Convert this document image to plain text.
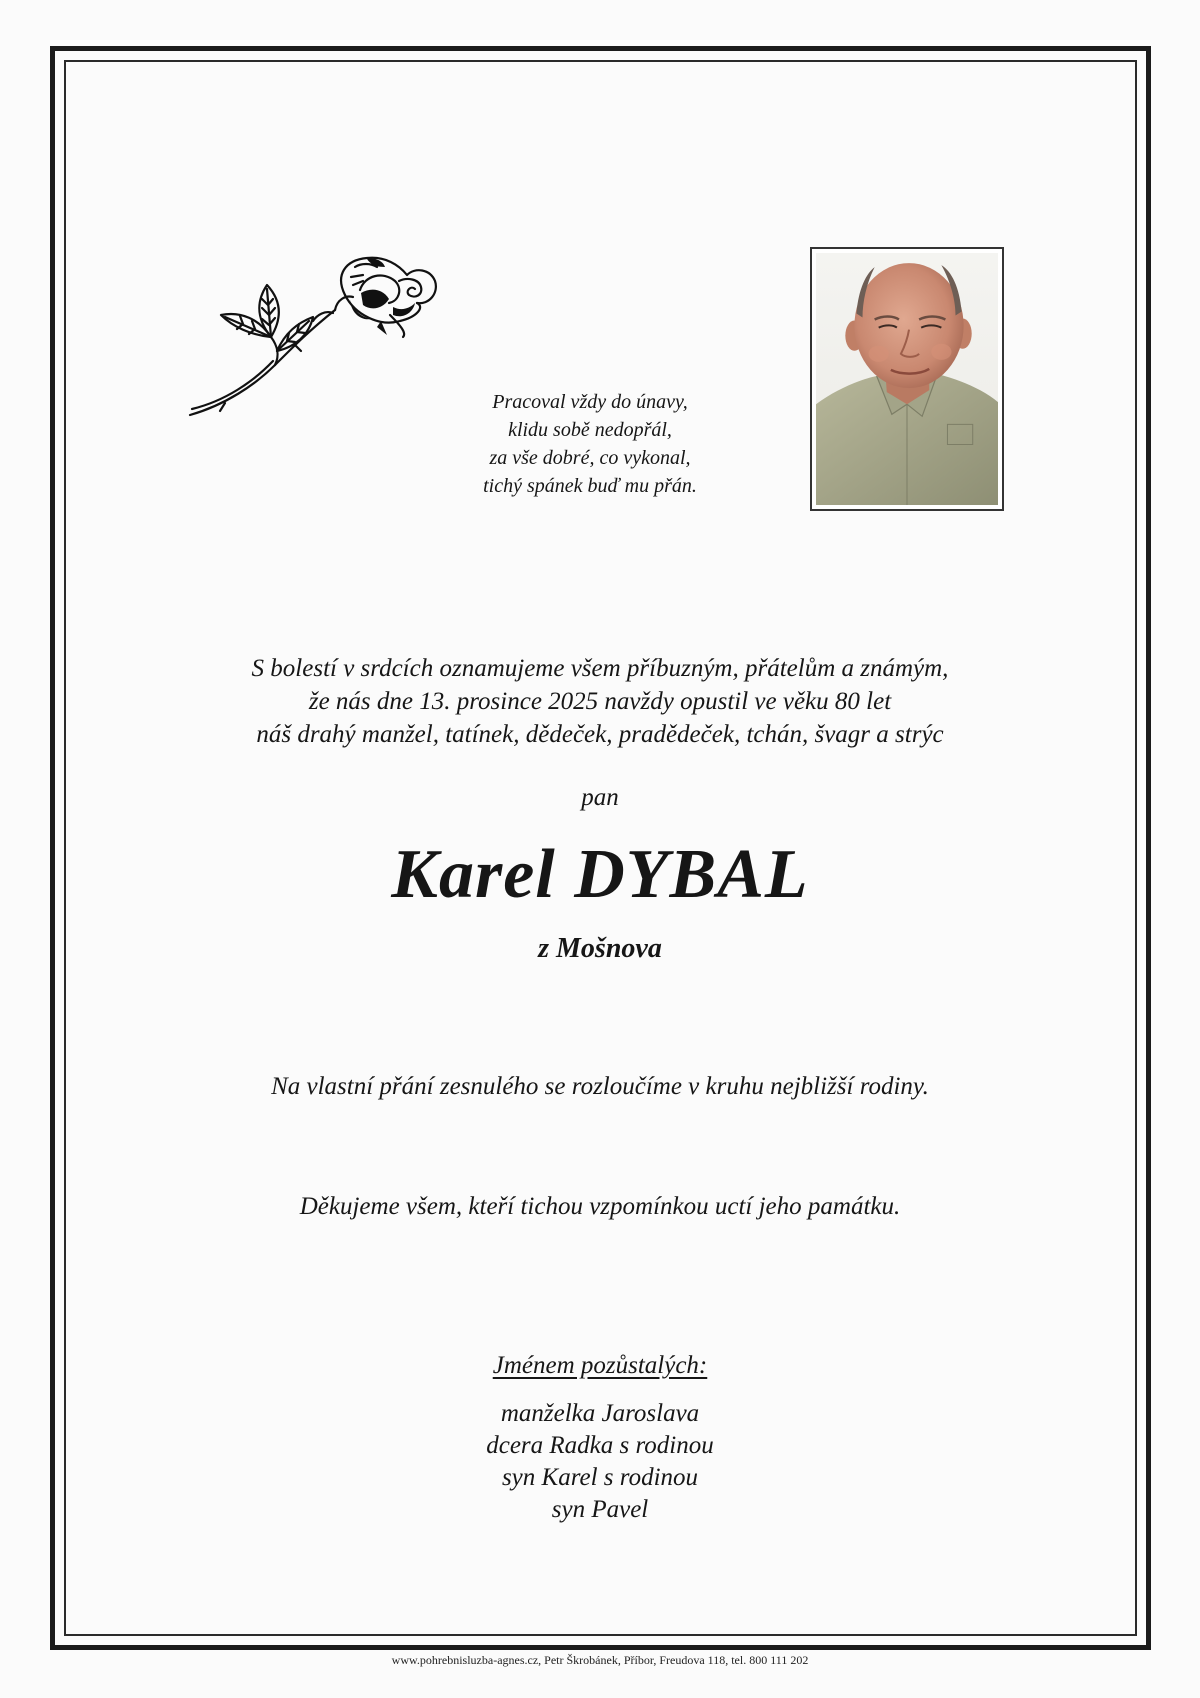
Pracoval vždy do únavy,
klidu sobě nedopřál,
za vše dobré, co vykonal,
tichý spánek buď mu přán.
S bolestí v srdcích oznamujeme všem příbuzným, přátelům a známým,
že nás dne 13. prosince 2025 navždy opustil ve věku 80 let
náš drahý manžel, tatínek, dědeček, pradědeček, tchán, švagr a strýc
pan
Karel DYBAL
z Mošnova
Na vlastní přání zesnulého se rozloučíme v kruhu nejbližší rodiny.
Děkujeme všem, kteří tichou vzpomínkou uctí jeho památku.
Jménem pozůstalých:
manželka Jaroslava
dcera Radka s rodinou
syn Karel s rodinou
syn Pavel
www.pohrebnisluzba-agnes.cz, Petr Škrobánek, Příbor, Freudova 118, tel. 800 111 202
